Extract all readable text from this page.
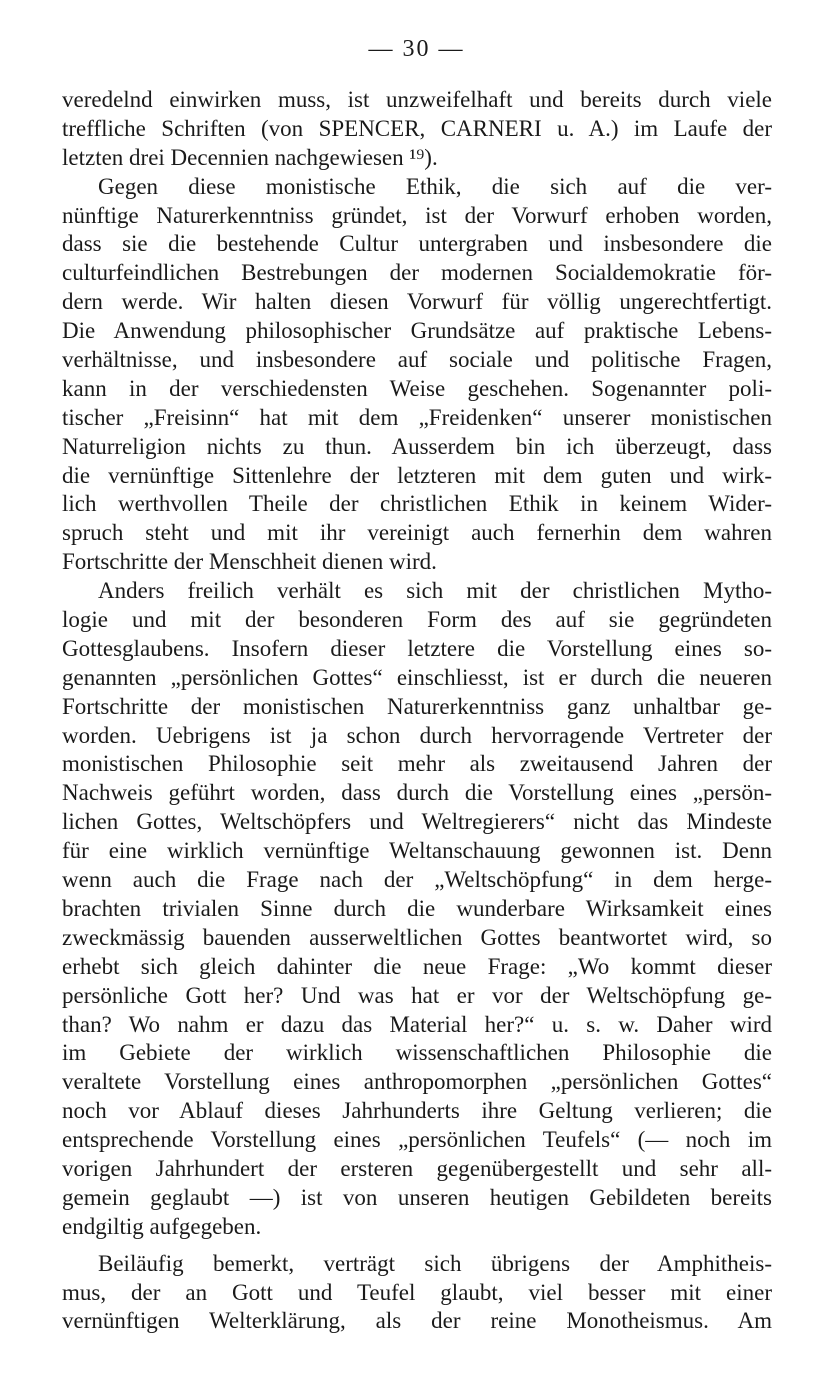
— 30 —
veredelnd einwirken muss, ist unzweifelhaft und bereits durch viele
treffliche Schriften (von SPENCER, CARNERI u. A.) im Laufe der
letzten drei Decennien nachgewiesen ¹⁹).
Gegen diese monistische Ethik, die sich auf die ver-
nünftige Naturerkenntniss gründet, ist der Vorwurf erhoben worden,
dass sie die bestehende Cultur untergraben und insbesondere die
culturfeindlichen Bestrebungen der modernen Socialdemokratie för-
dern werde. Wir halten diesen Vorwurf für völlig ungerechtfertigt.
Die Anwendung philosophischer Grundsätze auf praktische Lebens-
verhältnisse, und insbesondere auf sociale und politische Fragen,
kann in der verschiedensten Weise geschehen. Sogenannter poli-
tischer „Freisinn“ hat mit dem „Freidenken“ unserer monistischen
Naturreligion nichts zu thun. Ausserdem bin ich überzeugt, dass
die vernünftige Sittenlehre der letzteren mit dem guten und wirk-
lich werthvollen Theile der christlichen Ethik in keinem Wider-
spruch steht und mit ihr vereinigt auch fernerhin dem wahren
Fortschritte der Menschheit dienen wird.
Anders freilich verhält es sich mit der christlichen Mytho-
logie und mit der besonderen Form des auf sie gegründeten
Gottesglaubens. Insofern dieser letztere die Vorstellung eines so-
genannten „persönlichen Gottes“ einschliesst, ist er durch die neueren
Fortschritte der monistischen Naturerkenntniss ganz unhaltbar ge-
worden. Uebrigens ist ja schon durch hervorragende Vertreter der
monistischen Philosophie seit mehr als zweitausend Jahren der
Nachweis geführt worden, dass durch die Vorstellung eines „persön-
lichen Gottes, Weltschöpfers und Weltregierers“ nicht das Mindeste
für eine wirklich vernünftige Weltanschauung gewonnen ist. Denn
wenn auch die Frage nach der „Weltschöpfung“ in dem herge-
brachten trivialen Sinne durch die wunderbare Wirksamkeit eines
zweckmässig bauenden ausserweltlichen Gottes beantwortet wird, so
erhebt sich gleich dahinter die neue Frage: „Wo kommt dieser
persönliche Gott her? Und was hat er vor der Weltschöpfung ge-
than? Wo nahm er dazu das Material her?“ u. s. w. Daher wird
im Gebiete der wirklich wissenschaftlichen Philosophie die
veraltete Vorstellung eines anthropomorphen „persönlichen Gottes“
noch vor Ablauf dieses Jahrhunderts ihre Geltung verlieren; die
entsprechende Vorstellung eines „persönlichen Teufels“ (— noch im
vorigen Jahrhundert der ersteren gegenübergestellt und sehr all-
gemein geglaubt —) ist von unseren heutigen Gebildeten bereits
endgiltig aufgegeben.
Beiläufig bemerkt, verträgt sich übrigens der Amphitheis-
mus, der an Gott und Teufel glaubt, viel besser mit einer
vernünftigen Welterklärung, als der reine Monotheismus. Am
